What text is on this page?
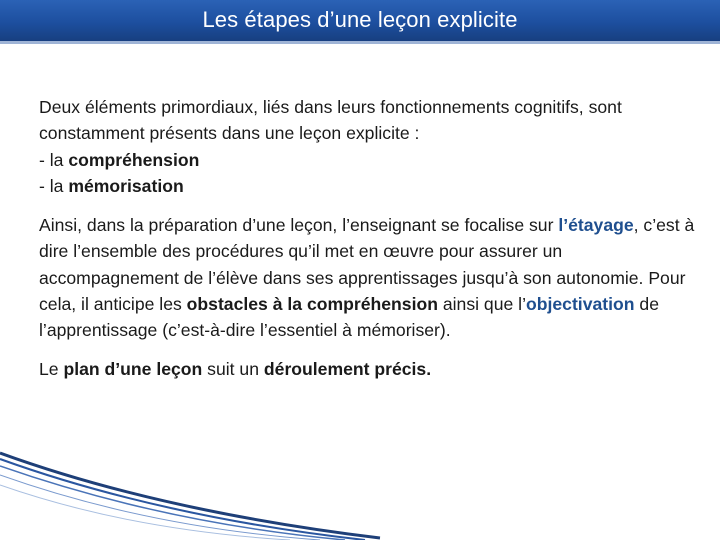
Les étapes d’une leçon explicite

Deux éléments primordiaux, liés dans leurs fonctionnements cognitifs, sont constamment présents dans une leçon explicite :
- la compréhension
- la mémorisation

Ainsi, dans la préparation d’une leçon, l’enseignant se focalise sur l’étayage, c’est à dire l’ensemble des procédures qu’il met en œuvre pour assurer un accompagnement de l’élève dans ses apprentissages jusqu’à son autonomie. Pour cela, il anticipe les obstacles à la compréhension ainsi que l’objectivation de l’apprentissage (c’est-à-dire l’essentiel à mémoriser).

Le plan d’une leçon suit un déroulement précis.
